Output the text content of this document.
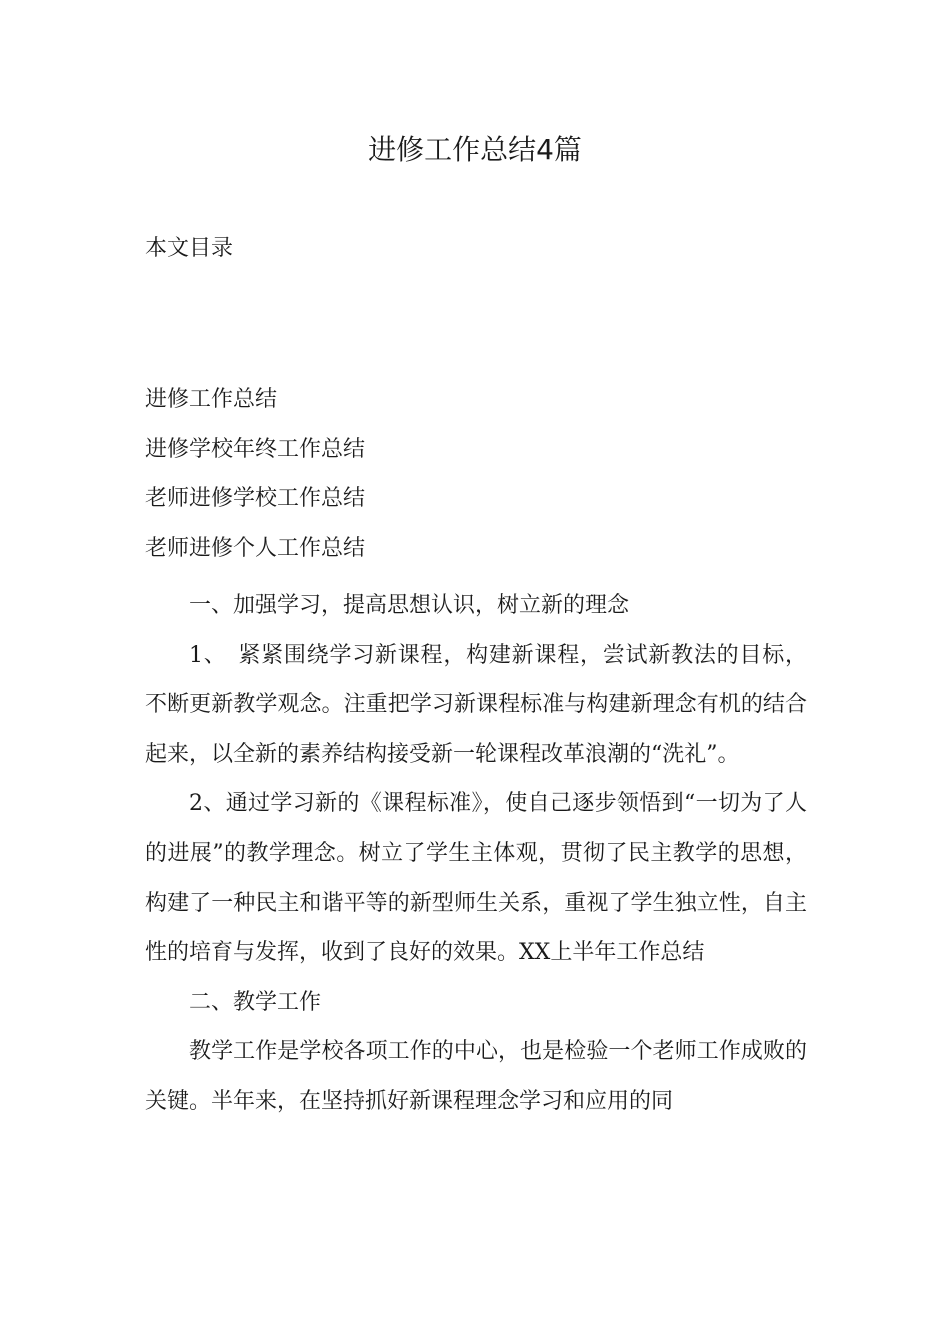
进修工作总结4篇
本文目录
进修工作总结
进修学校年终工作总结
老师进修学校工作总结
老师进修个人工作总结

一、加强学习，提高思想认识，树立新的理念

1、　紧紧围绕学习新课程，构建新课程，尝试新教法的目标，不断更新教学观念。注重把学习新课程标准与构建新理念有机的结合起来，以全新的素养结构接受新一轮课程改革浪潮的“洗礼”。

2、通过学习新的《课程标准》，使自己逐步领悟到“一切为了人的进展”的教学理念。树立了学生主体观，贯彻了民主教学的思想，构建了一种民主和谐平等的新型师生关系，重视了学生独立性，自主性的培育与发挥，收到了良好的效果。XX上半年工作总结

二、教学工作

教学工作是学校各项工作的中心，也是检验一个老师工作成败的关键。半年来，在坚持抓好新课程理念学习和应用的同
